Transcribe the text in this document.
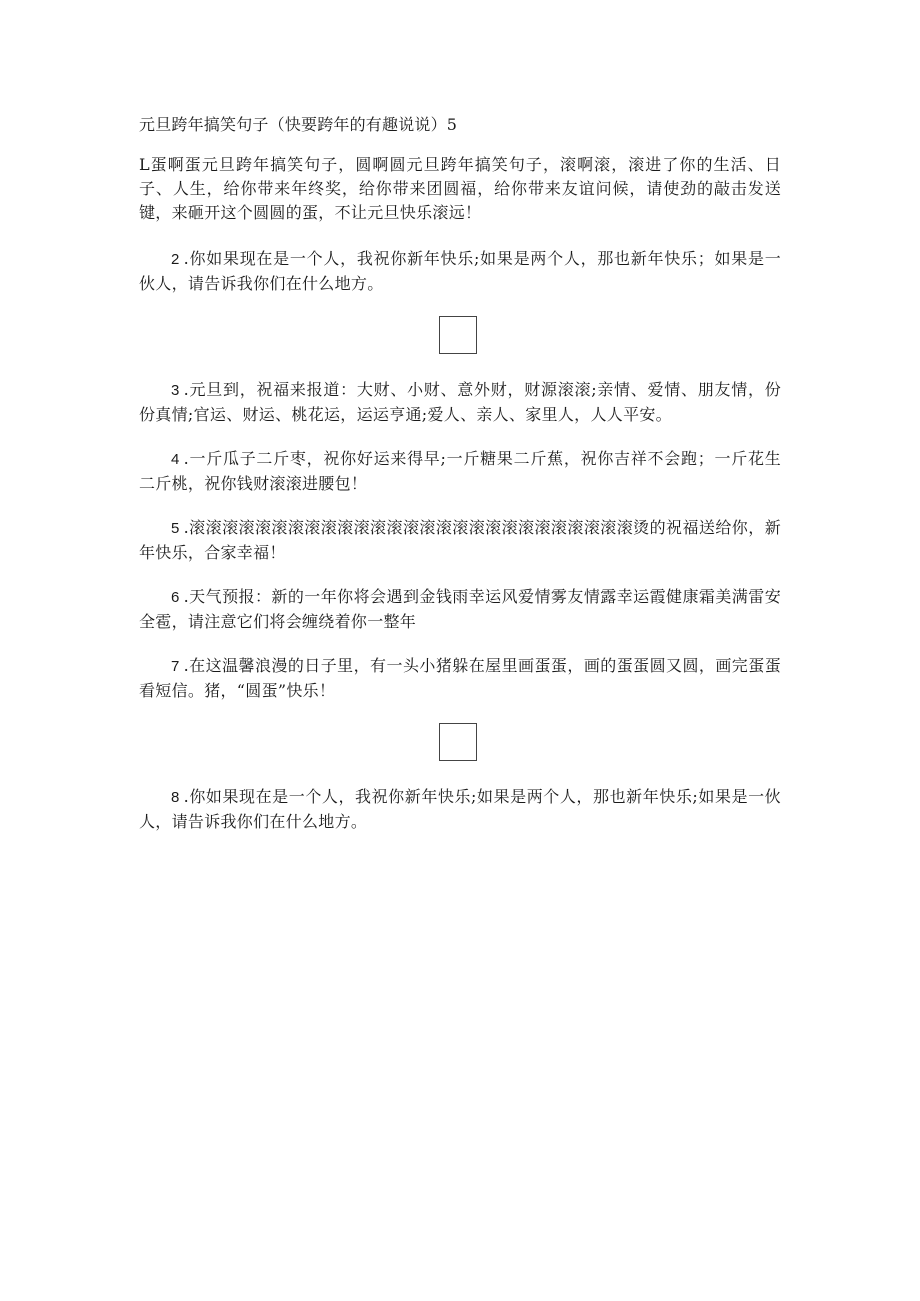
元旦跨年搞笑句子（快要跨年的有趣说说）5

L蛋啊蛋元旦跨年搞笑句子，圆啊圆元旦跨年搞笑句子，滚啊滚，滚进了你的生活、日子、人生，给你带来年终奖，给你带来团圆福，给你带来友谊问候，请使劲的敲击发送键，来砸开这个圆圆的蛋，不让元旦快乐滚远！

2 .你如果现在是一个人，我祝你新年快乐;如果是两个人，那也新年快乐；如果是一伙人，请告诉我你们在什么地方。

3 .元旦到，祝福来报道：大财、小财、意外财，财源滚滚;亲情、爱情、朋友情，份份真情;官运、财运、桃花运，运运亨通;爱人、亲人、家里人，人人平安。

4 .一斤瓜子二斤枣，祝你好运来得早;一斤糖果二斤蕉，祝你吉祥不会跑；一斤花生二斤桃，祝你钱财滚滚进腰包！

5 .滚滚滚滚滚滚滚滚滚滚滚滚滚滚滚滚滚滚滚滚滚滚滚滚滚滚滚烫的祝福送给你，新年快乐，合家幸福！

6 .天气预报：新的一年你将会遇到金钱雨幸运风爱情雾友情露幸运霞健康霜美满雷安全雹，请注意它们将会缠绕着你一整年

7 .在这温馨浪漫的日子里，有一头小猪躲在屋里画蛋蛋，画的蛋蛋圆又圆，画完蛋蛋看短信。猪，“圆蛋”快乐！

8 .你如果现在是一个人，我祝你新年快乐;如果是两个人，那也新年快乐;如果是一伙人，请告诉我你们在什么地方。
